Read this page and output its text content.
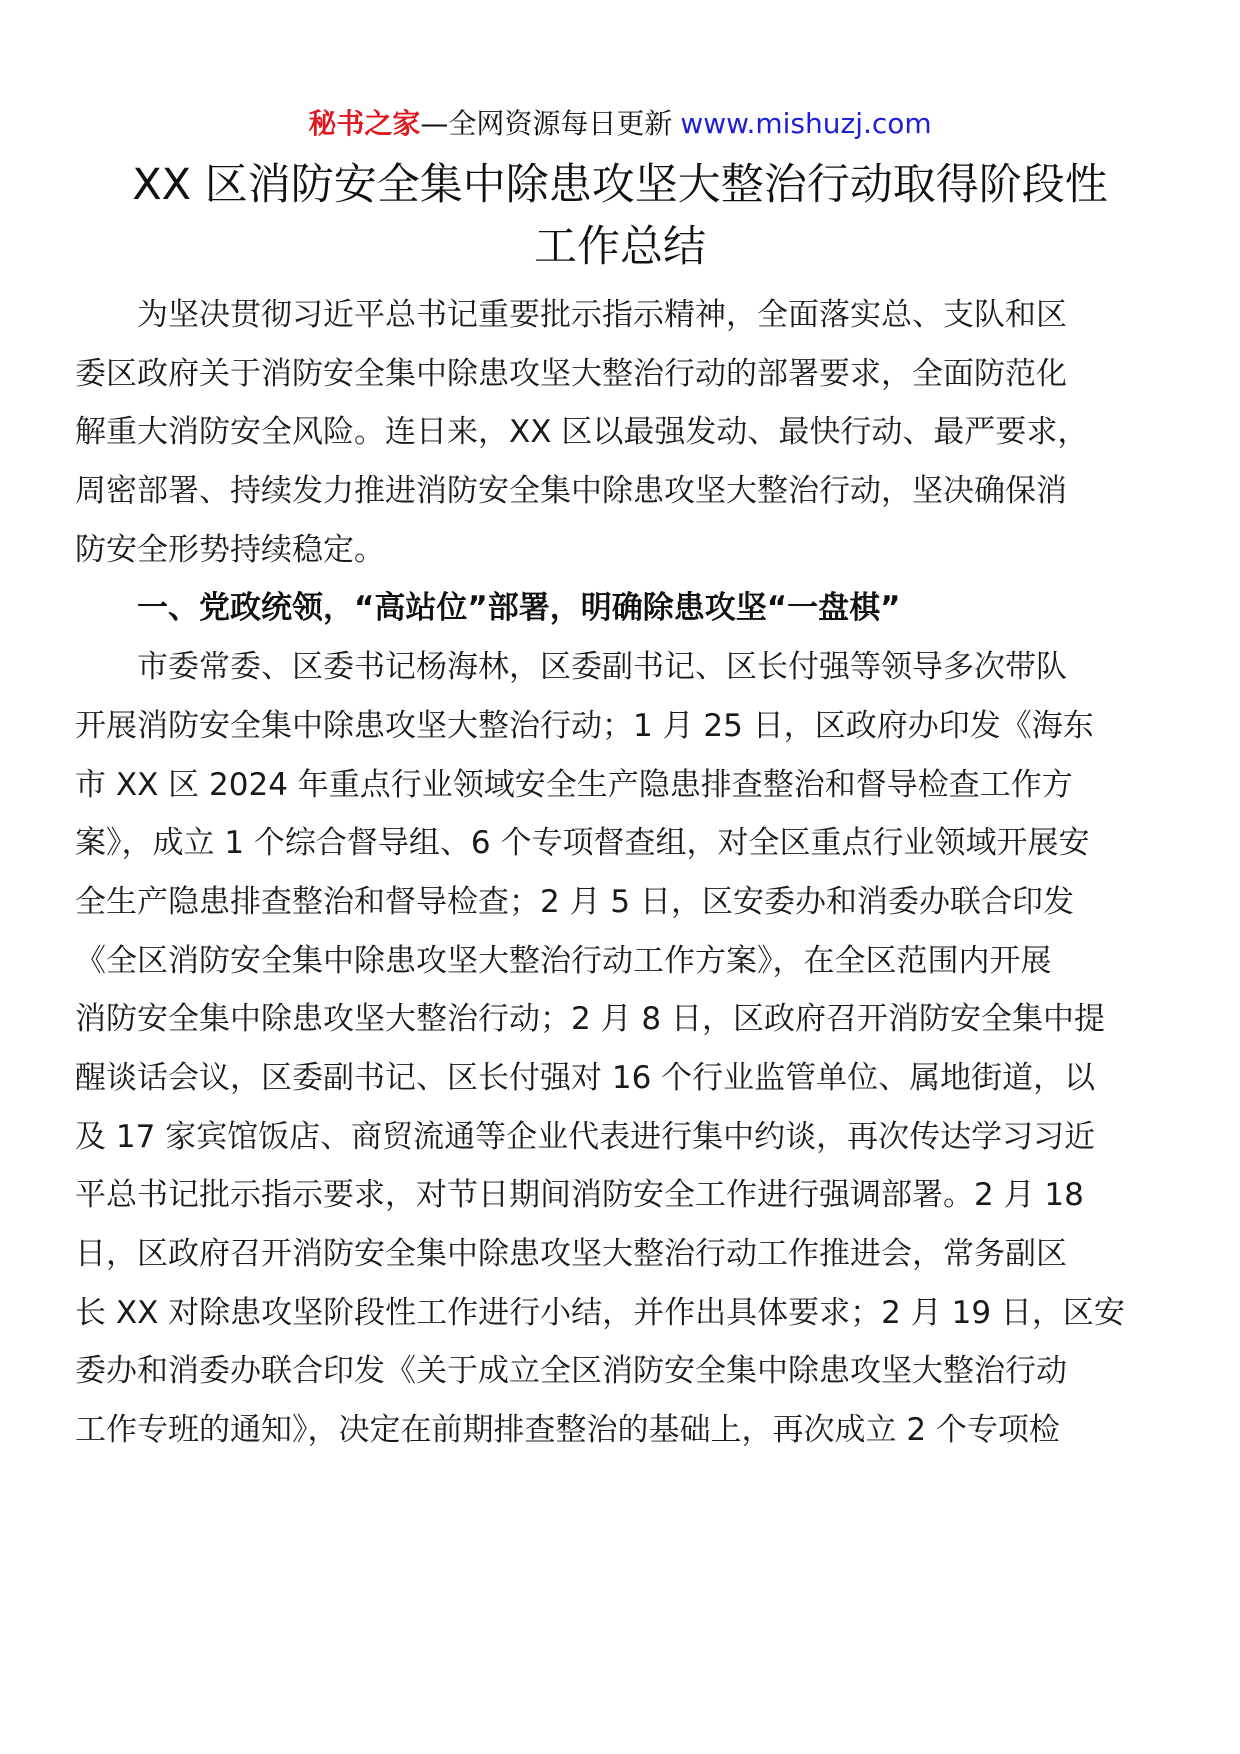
秘书之家—全网资源每日更新 www.mishuzj.com
XX 区消防安全集中除患攻坚大整治行动取得阶段性
工作总结
为坚决贯彻习近平总书记重要批示指示精神，全面落实总、支队和区
委区政府关于消防安全集中除患攻坚大整治行动的部署要求，全面防范化
解重大消防安全风险。连日来，XX 区以最强发动、最快行动、最严要求，
周密部署、持续发力推进消防安全集中除患攻坚大整治行动，坚决确保消
防安全形势持续稳定。
一、党政统领，“高站位”部署，明确除患攻坚“一盘棋”
市委常委、区委书记杨海林，区委副书记、区长付强等领导多次带队
开展消防安全集中除患攻坚大整治行动；1 月 25 日，区政府办印发《海东
市 XX 区 2024 年重点行业领域安全生产隐患排查整治和督导检查工作方
案》，成立 1 个综合督导组、6 个专项督查组，对全区重点行业领域开展安
全生产隐患排查整治和督导检查；2 月 5 日，区安委办和消委办联合印发
《全区消防安全集中除患攻坚大整治行动工作方案》，在全区范围内开展
消防安全集中除患攻坚大整治行动；2 月 8 日，区政府召开消防安全集中提
醒谈话会议，区委副书记、区长付强对 16 个行业监管单位、属地街道，以
及 17 家宾馆饭店、商贸流通等企业代表进行集中约谈，再次传达学习习近
平总书记批示指示要求，对节日期间消防安全工作进行强调部署。2 月 18
日，区政府召开消防安全集中除患攻坚大整治行动工作推进会，常务副区
长 XX 对除患攻坚阶段性工作进行小结，并作出具体要求；2 月 19 日，区安
委办和消委办联合印发《关于成立全区消防安全集中除患攻坚大整治行动
工作专班的通知》，决定在前期排查整治的基础上，再次成立 2 个专项检
